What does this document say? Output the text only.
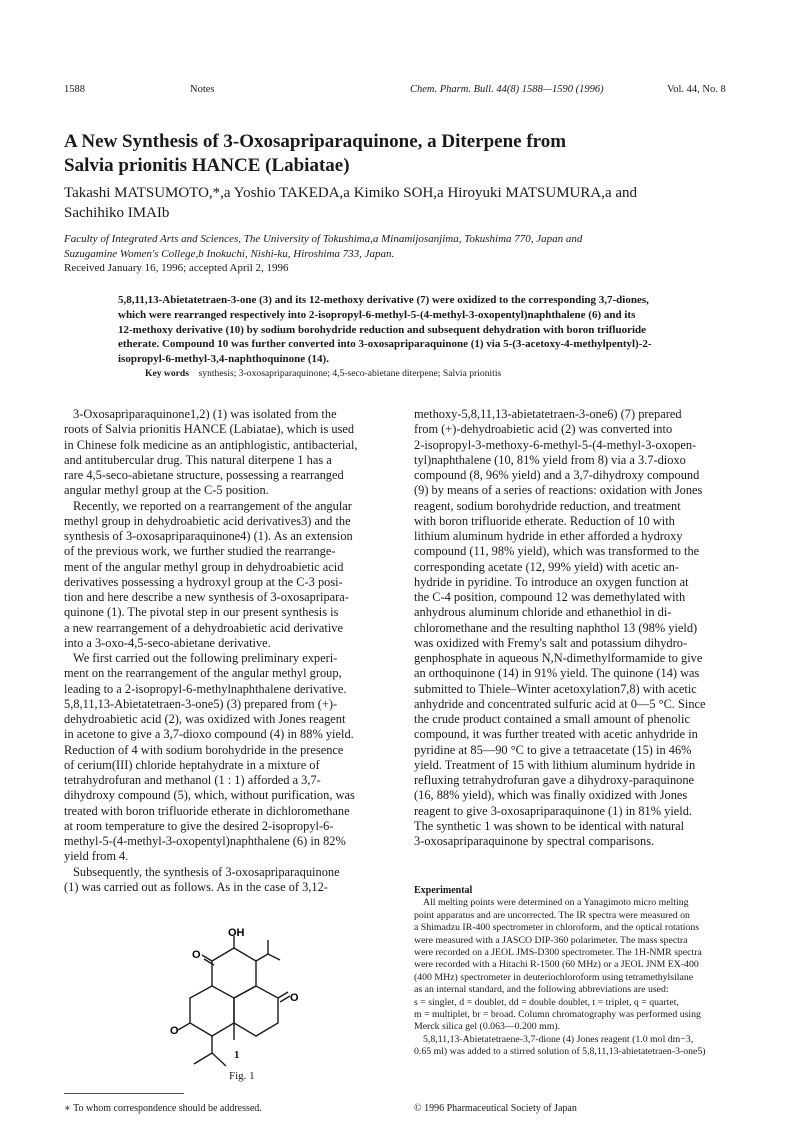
1588	Notes	Chem. Pharm. Bull. 44(8) 1588—1590 (1996)	Vol. 44, No. 8
A New Synthesis of 3-Oxosapriparaquinone, a Diterpene from
Salvia prionitis HANCE (Labiatae)
Takashi MATSUMOTO,*,a Yoshio TAKEDA,a Kimiko SOH,a Hiroyuki MATSUMURA,a and
Sachihiko IMAIb
Faculty of Integrated Arts and Sciences, The University of Tokushima,a Minamijosanjima, Tokushima 770, Japan and
Suzugamine Women's College,b Inokuchi, Nishi-ku, Hiroshima 733, Japan.
Received January 16, 1996; accepted April 2, 1996
5,8,11,13-Abietatetraen-3-one (3) and its 12-methoxy derivative (7) were oxidized to the corresponding 3,7-diones,
which were rearranged respectively into 2-isopropyl-6-methyl-5-(4-methyl-3-oxopentyl)naphthalene (6) and its
12-methoxy derivative (10) by sodium borohydride reduction and subsequent dehydration with boron trifluoride
etherate. Compound 10 was further converted into 3-oxosapriparaquinone (1) via 5-(3-acetoxy-4-methylpentyl)-2-
isopropyl-6-methyl-3,4-naphthoquinone (14).
Key words synthesis; 3-oxosapriparaquinone; 4,5-seco-abietane diterpene; Salvia prionitis
3-Oxosapriparaquinone1,2) (1) was isolated from the
roots of Salvia prionitis HANCE (Labiatae), which is used
in Chinese folk medicine as an antiphlogistic, antibacterial,
and antitubercular drug. This natural diterpene 1 has a
rare 4,5-seco-abietane structure, possessing a rearranged
angular methyl group at the C-5 position.
Recently, we reported on a rearrangement of the angular
methyl group in dehydroabietic acid derivatives3) and the
synthesis of 3-oxosapriparaquinone4) (1). As an extension
of the previous work, we further studied the rearrange-
ment of the angular methyl group in dehydroabietic acid
derivatives possessing a hydroxyl group at the C-3 posi-
tion and here describe a new synthesis of 3-oxosapripara-
quinone (1). The pivotal step in our present synthesis is
a new rearrangement of a dehydroabietic acid derivative
into a 3-oxo-4,5-seco-abietane derivative.
We first carried out the following preliminary experi-
ment on the rearrangement of the angular methyl group,
leading to a 2-isopropyl-6-methylnaphthalene derivative.
5,8,11,13-Abietatetraen-3-one5) (3) prepared from (+)-
dehydroabietic acid (2), was oxidized with Jones reagent
in acetone to give a 3,7-dioxo compound (4) in 88% yield.
Reduction of 4 with sodium borohydride in the presence
of cerium(III) chloride heptahydrate in a mixture of
tetrahydrofuran and methanol (1 : 1) afforded a 3,7-
dihydroxy compound (5), which, without purification, was
treated with boron trifluoride etherate in dichloromethane
at room temperature to give the desired 2-isopropyl-6-
methyl-5-(4-methyl-3-oxopentyl)naphthalene (6) in 82%
yield from 4.
Subsequently, the synthesis of 3-oxosapriparaquinone
(1) was carried out as follows. As in the case of 3,12-
methoxy-5,8,11,13-abietatetraen-3-one6) (7) prepared
from (+)-dehydroabietic acid (2) was converted into
2-isopropyl-3-methoxy-6-methyl-5-(4-methyl-3-oxopen-
tyl)naphthalene (10, 81% yield from 8) via a 3.7-dioxo
compound (8, 96% yield) and a 3,7-dihydroxy compound
(9) by means of a series of reactions: oxidation with Jones
reagent, sodium borohydride reduction, and treatment
with boron trifluoride etherate. Reduction of 10 with
lithium aluminum hydride in ether afforded a hydroxy
compound (11, 98% yield), which was transformed to the
corresponding acetate (12, 99% yield) with acetic an-
hydride in pyridine. To introduce an oxygen function at
the C-4 position, compound 12 was demethylated with
anhydrous aluminum chloride and ethanethiol in di-
chloromethane and the resulting naphthol 13 (98% yield)
was oxidized with Fremy's salt and potassium dihydro-
genphosphate in aqueous N,N-dimethylformamide to give
an orthoquinone (14) in 91% yield. The quinone (14) was
submitted to Thiele–Winter acetoxylation7,8) with acetic
anhydride and concentrated sulfuric acid at 0—5 °C. Since
the crude product contained a small amount of phenolic
compound, it was further treated with acetic anhydride in
pyridine at 85—90 °C to give a tetraacetate (15) in 46%
yield. Treatment of 15 with lithium aluminum hydride in
refluxing tetrahydrofuran gave a dihydroxy-paraquinone
(16, 88% yield), which was finally oxidized with Jones
reagent to give 3-oxosapriparaquinone (1) in 81% yield.
The synthetic 1 was shown to be identical with natural
3-oxosapriparaquinone by spectral comparisons.
Experimental
All melting points were determined on a Yanagimoto micro melting
point apparatus and are uncorrected. The IR spectra were measured on
a Shimadzu IR-400 spectrometer in chloroform, and the optical rotations
were measured with a JASCO DIP-360 polarimeter. The mass spectra
were recorded on a JEOL JMS-D300 spectrometer. The 1H-NMR spectra
were recorded with a Hitachi R-1500 (60 MHz) or a JEOL JNM EX-400
(400 MHz) spectrometer in deuteriochloroform using tetramethylsilane
as an internal standard, and the following abbreviations are used:
s = singlet, d = doublet, dd = double doublet, t = triplet, q = quartet,
m = multiplet, br = broad. Column chromatography was performed using
Merck silica gel (0.063—0.200 mm).
5,8,11,13-Abietatetraene-3,7-dione (4) Jones reagent (1.0 mol dm−3,
0.65 ml) was added to a stirred solution of 5,8,11,13-abietatetraen-3-one5)
OH
O
O
O
1
Fig. 1
∗ To whom correspondence should be addressed.	© 1996 Pharmaceutical Society of Japan
